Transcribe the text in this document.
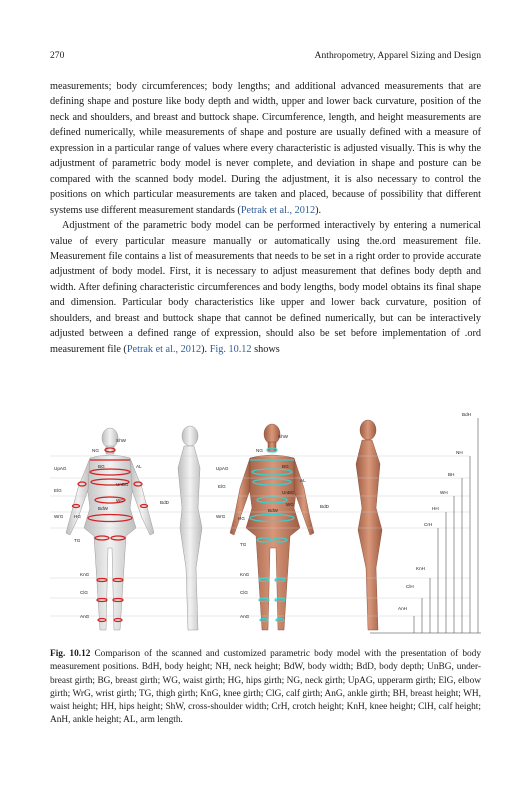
270	Anthropometry, Apparel Sizing and Design

measurements; body circumferences; body lengths; and additional advanced measurements that are defining shape and posture like body depth and width, upper and lower back curvature, position of the neck and shoulders, and breast and buttock shape. Circumference, length, and height measurements are defined numerically, while measurements of shape and posture are usually defined with a measure of expression in a particular range of values where every characteristic is adjusted visually. This is why the adjustment of parametric body model is never complete, and deviation in shape and posture can be compared with the scanned body model. During the adjustment, it is also necessary to control the positions on which particular measurements are taken and placed, because of possibility that different systems use different measurement standards (Petrak et al., 2012).

Adjustment of the parametric body model can be performed interactively by entering a numerical value of every particular measure manually or automatically using the.ord measurement file. Measurement file contains a list of measurements that needs to be set in a right order to provide accurate adjustment of body model. First, it is necessary to adjust measurement that defines body depth and width. After defining characteristic circumferences and body lengths, body model obtains its final shape and dimension. Particular body characteristics like upper and lower back curvature, position of shoulders, and breast and buttock shape that cannot be defined numerically, but can be interactively adjusted between a defined range of expression, should also be set before implementation of .ord measurement file (Petrak et al., 2012). Fig. 10.12 shows

ShW
NG
UpAG	BG	AL
UnBG
ElG
WG
BdW
BdD
WrG HG
TG
KnG
ClG
AnG
ShW
NG
UpAG	BG
AL
UnBG
ElG
WG
BdW
BdD
WrG	HG
TG
KnG
ClG
AnG
BdH
NH
BH
WH
HH
CrH
KnH
ClH
AnH
Fig. 10.12 Comparison of the scanned and customized parametric body model with the presentation of body measurement positions. BdH, body height; NH, neck height; BdW, body width; BdD, body depth; UnBG, under-breast girth; BG, breast girth; WG, waist girth; HG, hips girth; NG, neck girth; UpAG, upperarm girth; ElG, elbow girth; WrG, wrist girth; TG, thigh girth; KnG, knee girth; ClG, calf girth; AnG, ankle girth; BH, breast height; WH, waist height; HH, hips height; ShW, cross-shoulder width; CrH, crotch height; KnH, knee height; ClH, calf height; AnH, ankle height; AL, arm length.
